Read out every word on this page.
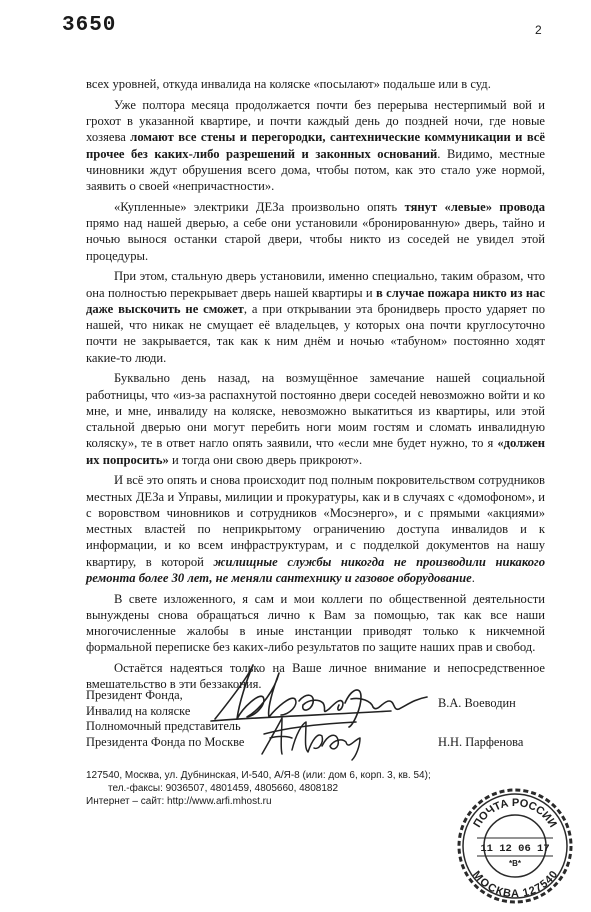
3650	2

всех уровней, откуда инвалида на коляске «посылают» подальше или в суд.

Уже полтора месяца продолжается почти без перерыва нестерпимый вой и грохот в указанной квартире, и почти каждый день до поздней ночи, где новые хозяева ломают все стены и перегородки, сантехнические коммуникации и всё прочее без каких-либо разрешений и законных оснований. Видимо, местные чиновники ждут обрушения всего дома, чтобы потом, как это стало уже нормой, заявить о своей «непричастности».

«Купленные» электрики ДЕЗа произвольно опять тянут «левые» провода прямо над нашей дверью, а себе они установили «бронированную» дверь, тайно и ночью вынося останки старой двери, чтобы никто из соседей не увидел этой процедуры.

При этом, стальную дверь установили, именно специально, таким образом, что она полностью перекрывает дверь нашей квартиры и в случае пожара никто из нас даже выскочить не сможет, а при открывании эта бронидверь просто ударяет по нашей, что никак не смущает её владельцев, у которых она почти круглосуточно почти не закрывается, так как к ним днём и ночью «табуном» постоянно ходят какие-то люди.

Буквально день назад, на возмущённое замечание нашей социальной работницы, что «из-за распахнутой постоянно двери соседей невозможно войти и ко мне, и мне, инвалиду на коляске, невозможно выкатиться из квартиры, или этой стальной дверью они могут перебить ноги моим гостям и сломать инвалидную коляску», те в ответ нагло опять заявили, что «если мне будет нужно, то я «должен их попросить» и тогда они свою дверь прикроют».

И всё это опять и снова происходит под полным покровительством сотрудников местных ДЕЗа и Управы, милиции и прокуратуры, как и в случаях с «домофоном», и с воровством чиновников и сотрудников «Мосэнерго», и с прямыми «акциями» местных властей по неприкрытому ограничению доступа инвалидов и к информации, и ко всем инфраструктурам, и с подделкой документов на нашу квартиру, в которой жилищные службы никогда не производили никакого ремонта более 30 лет, не меняли сантехнику и газовое оборудование.

В свете изложенного, я сам и мои коллеги по общественной деятельности вынуждены снова обращаться лично к Вам за помощью, так как все наши многочисленные жалобы в иные инстанции приводят только к никчемной формальной переписке без каких-либо результатов по защите наших прав и свобод.

Остаётся надеяться только на Ваше личное внимание и непосредственное вмешательство в эти беззакония.

Президент Фонда,
Инвалид на коляске
В.А. Воеводин
Полномочный представитель
Президента Фонда по Москве	Н.Н. Парфенова
127540, Москва, ул. Дубнинская, И-540, А/Я-8 (или: дом 6, корп. 3, кв. 54);
тел.-факсы: 9036507, 4801459, 4805660, 4808182
Интернет – сайт: http://www.arfi.mhost.ru
ПОЧТА РОССИИ
МОСКВА 127540
11 12 06 17
*В*
